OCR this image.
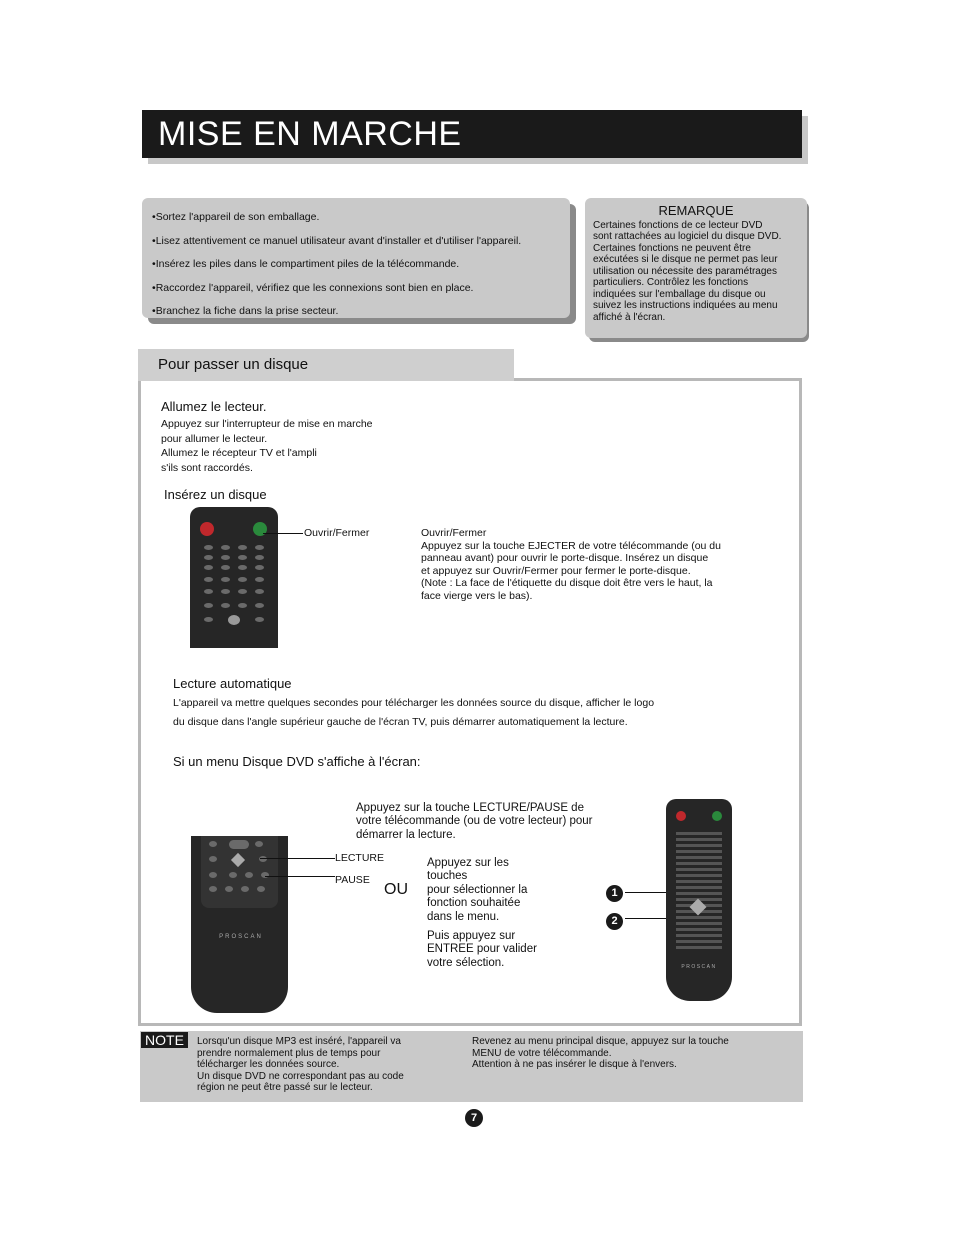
MISE EN MARCHE
•Sortez l'appareil de son emballage.
•Lisez attentivement ce manuel utilisateur avant d'installer et d'utiliser l'appareil.
•Insérez les piles dans le compartiment piles de la télécommande.
•Raccordez l'appareil, vérifiez que les connexions sont bien en place.
•Branchez la fiche dans la prise secteur.
REMARQUE
Certaines fonctions de ce lecteur DVD
sont rattachées au logiciel du disque DVD.
Certaines fonctions ne peuvent être
exécutées si le disque ne permet pas leur
utilisation ou nécessite des paramétrages
particuliers. Contrôlez les fonctions
indiquées sur l'emballage du disque ou
suivez les instructions indiquées au menu
affiché à l'écran.
Pour passer un disque
Allumez le lecteur.
Appuyez sur l'interrupteur de mise en marche
pour allumer le lecteur.
Allumez le récepteur TV et l'ampli
s'ils sont raccordés.
Insérez un disque
Ouvrir/Fermer	Ouvrir/Fermer
Appuyez sur la touche EJECTER de votre télécommande (ou du
panneau avant) pour ouvrir le porte-disque. Insérez un disque
et appuyez sur Ouvrir/Fermer pour fermer le porte-disque.
(Note : La face de l'étiquette du disque doit être vers le haut, la
face vierge vers le bas).
Lecture automatique
L'appareil va mettre quelques secondes pour télécharger les données source du disque, afficher le logo
du disque dans l'angle supérieur gauche de l'écran TV, puis démarrer automatiquement la lecture.
Si un menu Disque DVD s'affiche à l'écran:
Appuyez sur la touche LECTURE/PAUSE de
votre télécommande (ou de votre lecteur) pour
démarrer la lecture.
PROSCAN
LECTURE
PAUSE
OU
Appuyez sur les
touches
pour sélectionner la
fonction souhaitée
dans le menu.
Puis appuyez sur
ENTREE pour valider
votre sélection.
1
2
PROSCAN
NOTE	Lorsqu'un disque MP3 est inséré, l'appareil va
prendre normalement plus de temps pour
télécharger les données source.
Un disque DVD ne correspondant pas au code
région ne peut être passé sur le lecteur.
Revenez au menu principal disque, appuyez sur la touche
MENU de votre télécommande.
Attention à ne pas insérer le disque à l'envers.
7
